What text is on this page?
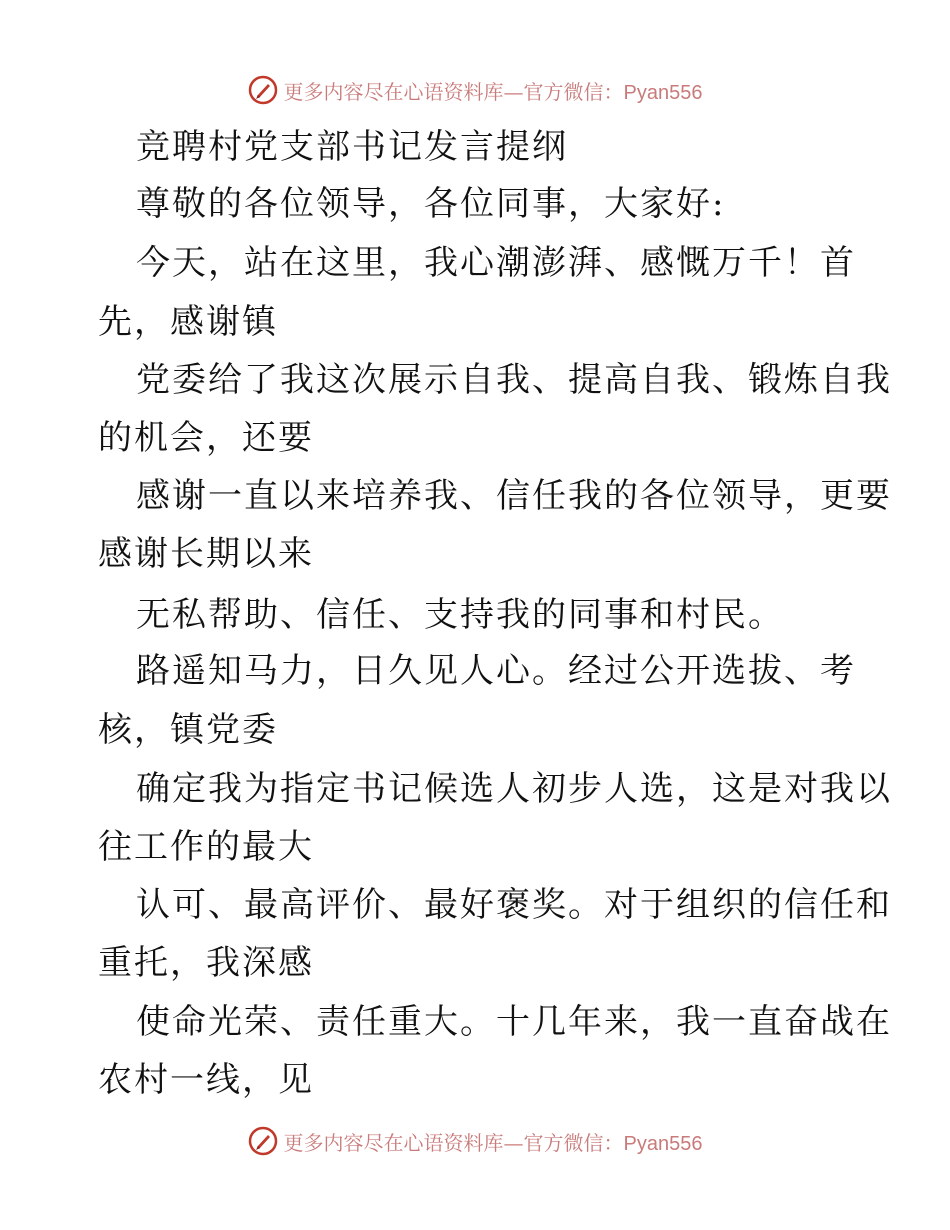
更多内容尽在心语资料库—官方微信：Pyan556
竞聘村党支部书记发言提纲
尊敬的各位领导，各位同事，大家好:
今天，站在这里，我心潮澎湃、感慨万千！首
先，感谢镇
党委给了我这次展示自我、提高自我、锻炼自我
的机会，还要
感谢一直以来培养我、信任我的各位领导，更要
感谢长期以来
无私帮助、信任、支持我的同事和村民。
路遥知马力，日久见人心。经过公开选拔、考
核，镇党委
确定我为指定书记候选人初步人选，这是对我以
往工作的最大
认可、最高评价、最好褒奖。对于组织的信任和
重托，我深感
使命光荣、责任重大。十几年来，我一直奋战在
农村一线，见
更多内容尽在心语资料库—官方微信：Pyan556
